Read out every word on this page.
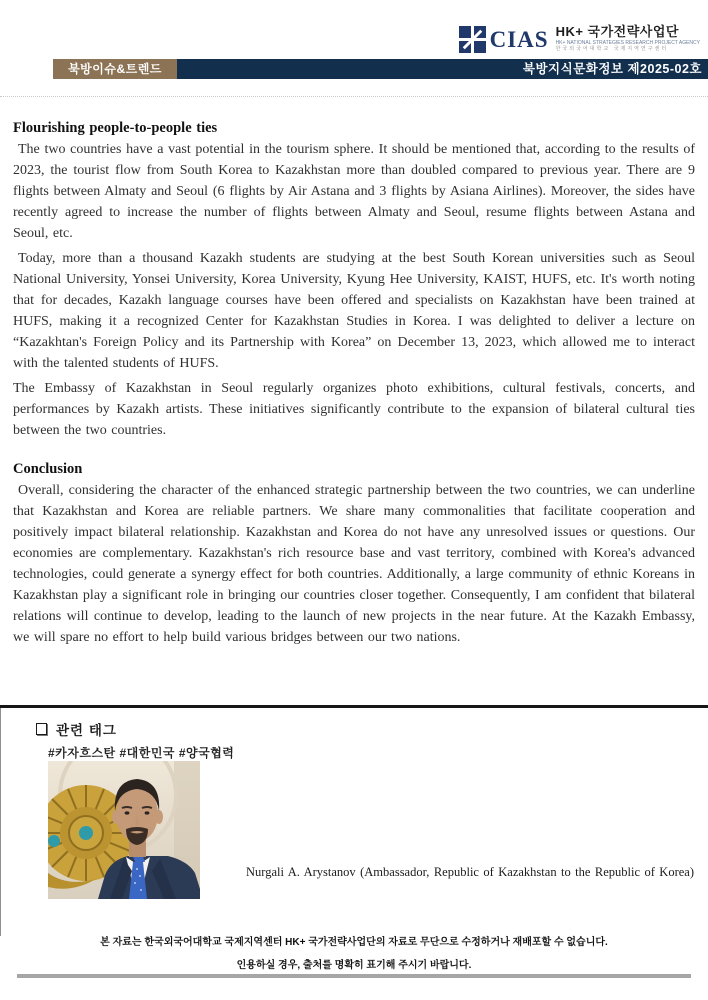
CIAS HK+ 국가전략사업단
HK+ NATIONAL STRATEGIES RESEARCH PROJECT AGENCY
한국외국어대학교 국제지역연구센터
북방이슈&트렌드	북방지식문화정보 제2025-02호
Flourishing people-to-people ties

The two countries have a vast potential in the tourism sphere. It should be mentioned that, according to the results of 2023, the tourist flow from South Korea to Kazakhstan more than doubled compared to previous year. There are 9 flights between Almaty and Seoul (6 flights by Air Astana and 3 flights by Asiana Airlines). Moreover, the sides have recently agreed to increase the number of flights between Almaty and Seoul, resume flights between Astana and Seoul, etc.

Today, more than a thousand Kazakh students are studying at the best South Korean universities such as Seoul National University, Yonsei University, Korea University, Kyung Hee University, KAIST, HUFS, etc. It's worth noting that for decades, Kazakh language courses have been offered and specialists on Kazakhstan have been trained at HUFS, making it a recognized Center for Kazakhstan Studies in Korea. I was delighted to deliver a lecture on “Kazakhtan's Foreign Policy and its Partnership with Korea” on December 13, 2023, which allowed me to interact with the talented students of HUFS.

The Embassy of Kazakhstan in Seoul regularly organizes photo exhibitions, cultural festivals, concerts, and performances by Kazakh artists. These initiatives significantly contribute to the expansion of bilateral cultural ties between the two countries.

Conclusion

Overall, considering the character of the enhanced strategic partnership between the two countries, we can underline that Kazakhstan and Korea are reliable partners. We share many commonalities that facilitate cooperation and positively impact bilateral relationship. Kazakhstan and Korea do not have any unresolved issues or questions. Our economies are complementary. Kazakhstan's rich resource base and vast territory, combined with Korea's advanced technologies, could generate a synergy effect for both countries. Additionally, a large community of ethnic Koreans in Kazakhstan play a significant role in bringing our countries closer together. Consequently, I am confident that bilateral relations will continue to develop, leading to the launch of new projects in the near future. At the Kazakh Embassy, we will spare no effort to help build various bridges between our two nations.

관련 태그
#카자흐스탄 #대한민국 #양국협력
Nurgali A. Arystanov (Ambassador, Republic of Kazakhstan to the Republic of Korea)
본 자료는 한국외국어대학교 국제지역센터 HK+ 국가전략사업단의 자료로 무단으로 수정하거나 재배포할 수 없습니다.
인용하실 경우, 출처를 명확히 표기해 주시기 바랍니다.
